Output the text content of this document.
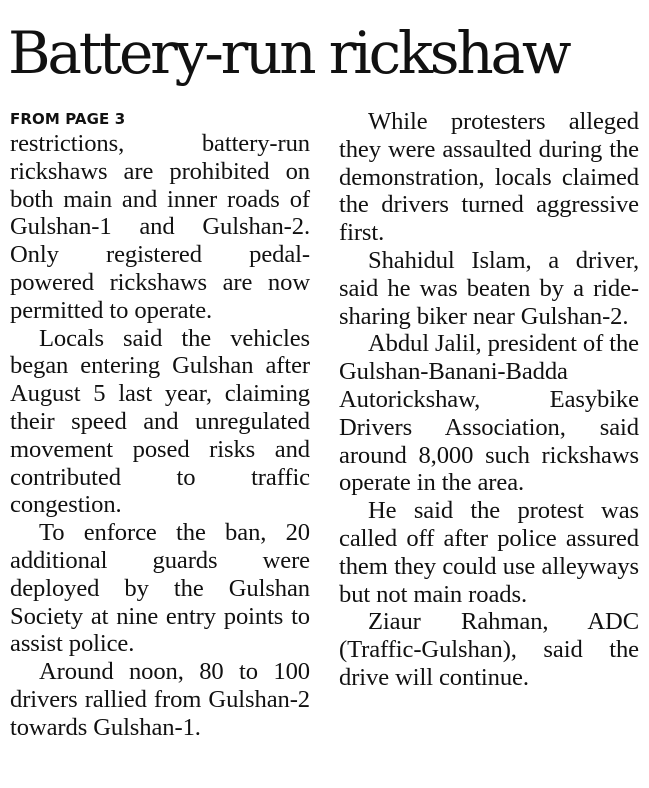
Battery-run rickshaw

FROM PAGE 3

restrictions, battery-run rickshaws are prohibited on both main and inner roads of Gulshan-1 and Gulshan-2. Only registered pedal-powered rickshaws are now permitted to operate.

Locals said the vehicles began entering Gulshan after August 5 last year, claiming their speed and unregulated movement posed risks and contributed to traffic congestion.

To enforce the ban, 20 additional guards were deployed by the Gulshan Society at nine entry points to assist police.

Around noon, 80 to 100 drivers rallied from Gulshan-2 towards Gulshan-1.

While protesters alleged they were assaulted during the demonstration, locals claimed the drivers turned aggressive first.

Shahidul Islam, a driver, said he was beaten by a ride-sharing biker near Gulshan-2.

Abdul Jalil, president of the Gulshan-Banani-Badda Autorickshaw, Easybike Drivers Association, said around 8,000 such rickshaws operate in the area.

He said the protest was called off after police assured them they could use alleyways but not main roads.

Ziaur Rahman, ADC (Traffic-Gulshan), said the drive will continue.
